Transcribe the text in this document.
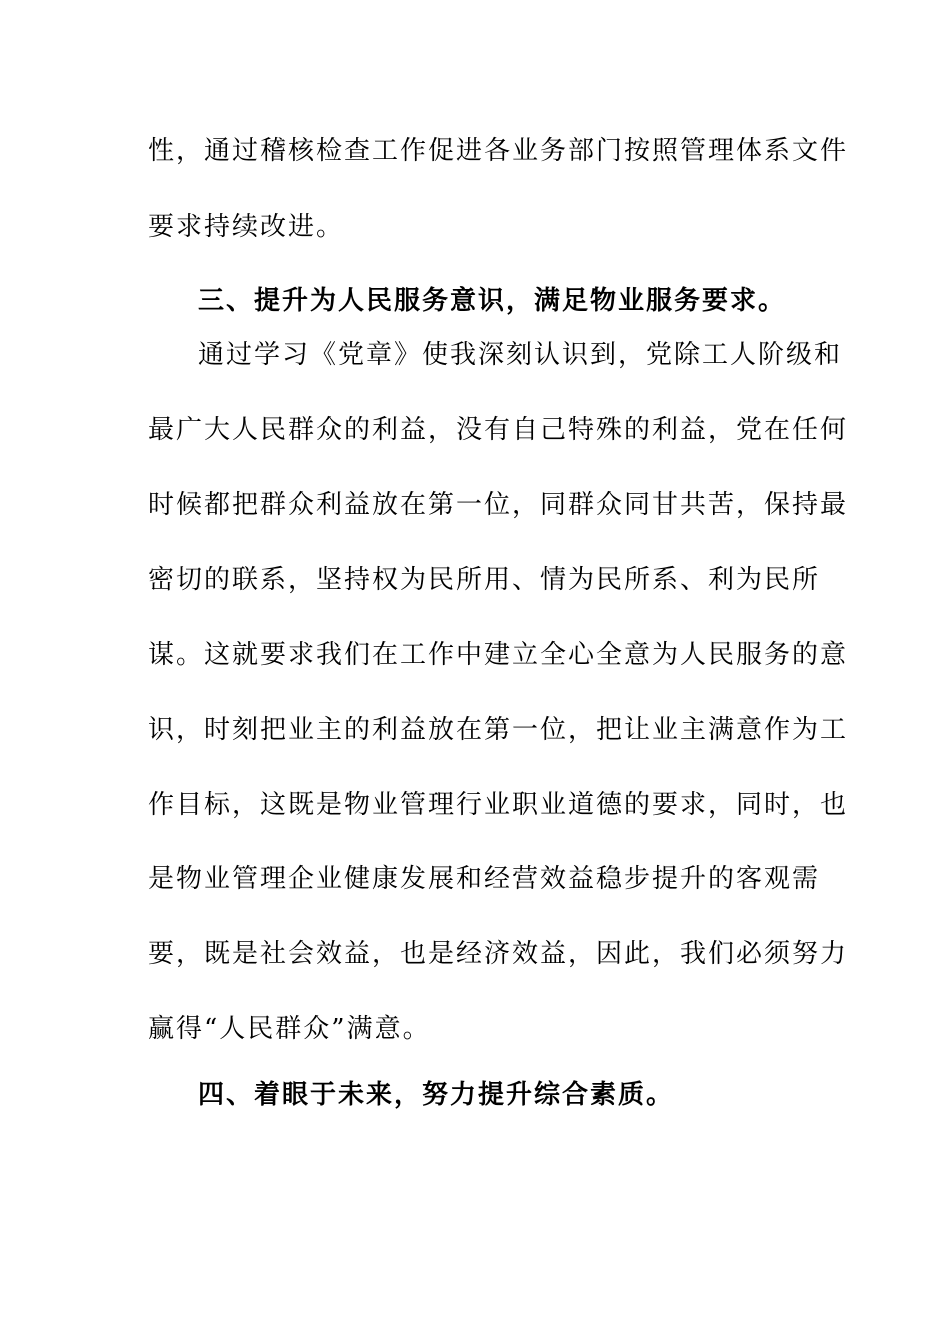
性，通过稽核检查工作促进各业务部门按照管理体系文件
要求持续改进。
三、提升为人民服务意识，满足物业服务要求。
通过学习《党章》使我深刻认识到，党除工人阶级和
最广大人民群众的利益，没有自己特殊的利益，党在任何
时候都把群众利益放在第一位，同群众同甘共苦，保持最
密切的联系，坚持权为民所用、情为民所系、利为民所
谋。这就要求我们在工作中建立全心全意为人民服务的意
识，时刻把业主的利益放在第一位，把让业主满意作为工
作目标，这既是物业管理行业职业道德的要求，同时，也
是物业管理企业健康发展和经营效益稳步提升的客观需
要，既是社会效益，也是经济效益，因此，我们必须努力
赢得“人民群众”满意。
四、着眼于未来，努力提升综合素质。
